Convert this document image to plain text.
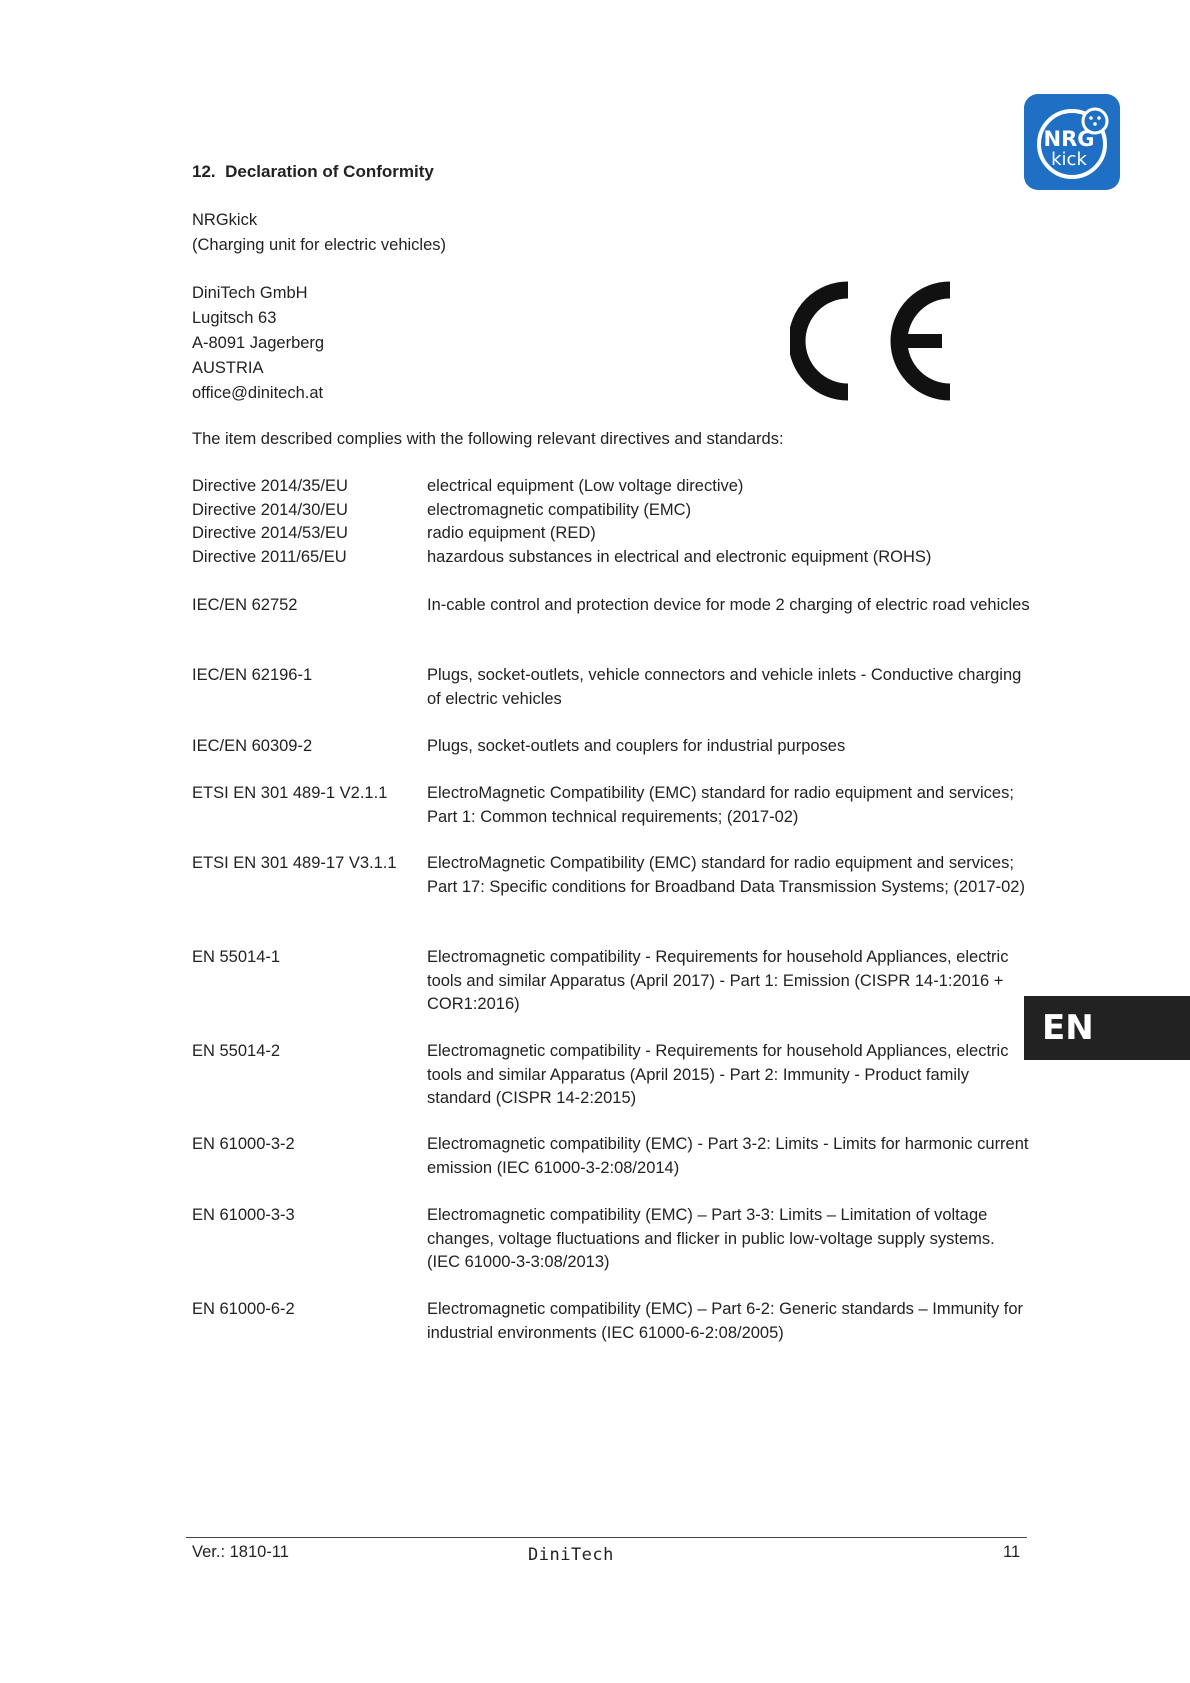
NRG
kick
12. Declaration of Conformity
NRGkick
(Charging unit for electric vehicles)
DiniTech GmbH
Lugitsch 63
A-8091 Jagerberg
AUSTRIA
office@dinitech.at
The item described complies with the following relevant directives and standards:
Directive 2014/35/EU	electrical equipment (Low voltage directive)
Directive 2014/30/EU	electromagnetic compatibility (EMC)
Directive 2014/53/EU	radio equipment (RED)
Directive 2011/65/EU	hazardous substances in electrical and electronic equipment (ROHS)
IEC/EN 62752	In-cable control and protection device for mode 2 charging of electric road vehicles
IEC/EN 62196-1	Plugs, socket-outlets, vehicle connectors and vehicle inlets - Conductive charging of electric vehicles
IEC/EN 60309-2	Plugs, socket-outlets and couplers for industrial purposes
ETSI EN 301 489-1 V2.1.1	ElectroMagnetic Compatibility (EMC) standard for radio equipment and services; Part 1: Common technical requirements; (2017-02)
ETSI EN 301 489-17 V3.1.1	ElectroMagnetic Compatibility (EMC) standard for radio equipment and services; Part 17: Specific conditions for Broadband Data Transmission Systems; (2017-02)
EN 55014-1	Electromagnetic compatibility - Requirements for household Appliances, electric tools and similar Apparatus (April 2017) - Part 1: Emission (CISPR 14-1:2016 + COR1:2016)
EN 55014-2	Electromagnetic compatibility - Requirements for household Appliances, electric tools and similar Apparatus (April 2015) - Part 2: Immunity - Product family standard (CISPR 14-2:2015)
EN 61000-3-2	Electromagnetic compatibility (EMC) - Part 3-2: Limits - Limits for harmonic current emission (IEC 61000-3-2:08/2014)
EN 61000-3-3	Electromagnetic compatibility (EMC) – Part 3-3: Limits – Limitation of voltage changes, voltage fluctuations and flicker in public low-voltage supply systems. (IEC 61000-3-3:08/2013)
EN 61000-6-2	Electromagnetic compatibility (EMC) – Part 6-2: Generic standards – Immunity for industrial environments (IEC 61000-6-2:08/2005)
EN
Ver.: 1810-11	DiniTech	11
